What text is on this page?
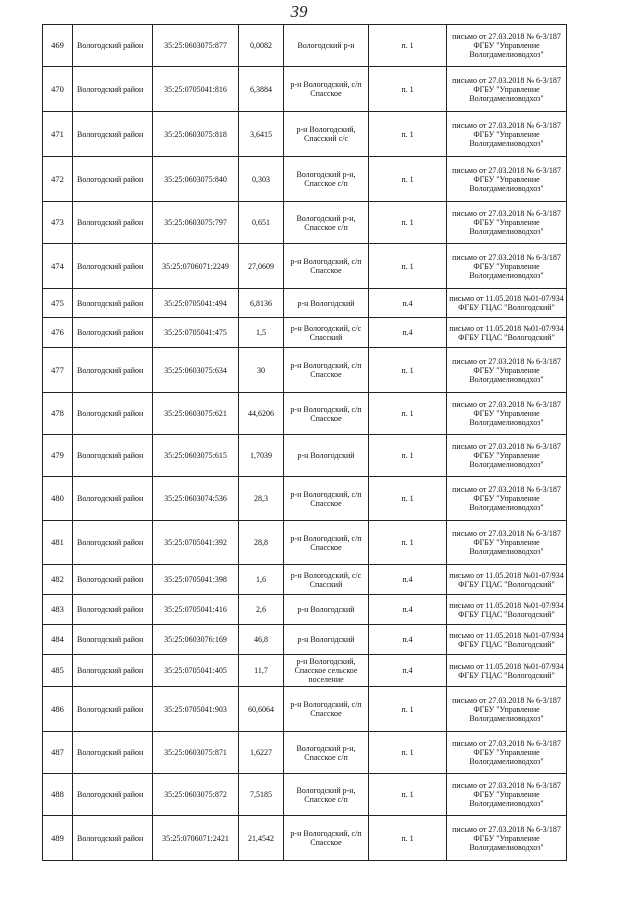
39
469	Вологодский район	35:25:0603075:877	0,0082	Вологодский р-н	п. 1	письмо от 27.03.2018 № 6-3/187 ФГБУ "Управление Вологдамелиоводхоз"
470	Вологодский район	35:25:0705041:816	6,3884	р-н Вологодский, с/п Спасское	п. 1	письмо от 27.03.2018 № 6-3/187 ФГБУ "Управление Вологдамелиоводхоз"
471	Вологодский район	35:25:0603075:818	3,6415	р-н Вологодский, Спасский с/с	п. 1	письмо от 27.03.2018 № 6-3/187 ФГБУ "Управление Вологдамелиоводхоз"
472	Вологодский район	35:25:0603075:840	0,303	Вологодский р-н, Спасское с/п	п. 1	письмо от 27.03.2018 № 6-3/187 ФГБУ "Управление Вологдамелиоводхоз"
473	Вологодский район	35:25:0603075:797	0,651	Вологодский р-н, Спасское с/п	п. 1	письмо от 27.03.2018 № 6-3/187 ФГБУ "Управление Вологдамелиоводхоз"
474	Вологодский район	35:25:0706071:2249	27,0609	р-н Вологодский, с/п Спасское	п. 1	письмо от 27.03.2018 № 6-3/187 ФГБУ "Управление Вологдамелиоводхоз"
475	Вологодский район	35:25:0705041:494	6,8136	р-н Вологодский	п.4	письмо от 11.05.2018 №01-07/934 ФГБУ ГЦАС "Вологодский"
476	Вологодский район	35:25:0705041:475	1,5	р-н Вологодский, с/с Спасский	п.4	письмо от 11.05.2018 №01-07/934 ФГБУ ГЦАС "Вологодский"
477	Вологодский район	35:25:0603075:634	30	р-н Вологодский, с/п Спасское	п. 1	письмо от 27.03.2018 № 6-3/187 ФГБУ "Управление Вологдамелиоводхоз"
478	Вологодский район	35:25:0603075:621	44,6206	р-н Вологодский, с/п Спасское	п. 1	письмо от 27.03.2018 № 6-3/187 ФГБУ "Управление Вологдамелиоводхоз"
479	Вологодский район	35:25:0603075:615	1,7039	р-н Вологодский	п. 1	письмо от 27.03.2018 № 6-3/187 ФГБУ "Управление Вологдамелиоводхоз"
480	Вологодский район	35:25:0603074:536	28,3	р-н Вологодский, с/п Спасское	п. 1	письмо от 27.03.2018 № 6-3/187 ФГБУ "Управление Вологдамелиоводхоз"
481	Вологодский район	35:25:0705041:392	28,8	р-н Вологодский, с/п Спасское	п. 1	письмо от 27.03.2018 № 6-3/187 ФГБУ "Управление Вологдамелиоводхоз"
482	Вологодский район	35:25:0705041:398	1,6	р-н Вологодский, с/с Спасский	п.4	письмо от 11.05.2018 №01-07/934 ФГБУ ГЦАС "Вологодский"
483	Вологодский район	35:25:0705041:416	2,6	р-н Вологодский	п.4	письмо от 11.05.2018 №01-07/934 ФГБУ ГЦАС "Вологодский"
484	Вологодский район	35:25:0603076:169	46,8	р-н Вологодский	п.4	письмо от 11.05.2018 №01-07/934 ФГБУ ГЦАС "Вологодский"
485	Вологодский район	35:25:0705041:405	11,7	р-н Вологодский, Спасское сельское поселение	п.4	письмо от 11.05.2018 №01-07/934 ФГБУ ГЦАС "Вологодский"
486	Вологодский район	35:25:0705041:903	60,6064	р-н Вологодский, с/п Спасское	п. 1	письмо от 27.03.2018 № 6-3/187 ФГБУ "Управление Вологдамелиоводхоз"
487	Вологодский район	35:25:0603075:871	1,6227	Вологодский р-н, Спасское с/п	п. 1	письмо от 27.03.2018 № 6-3/187 ФГБУ "Управление Вологдамелиоводхоз"
488	Вологодский район	35:25:0603075:872	7,5185	Вологодский р-н, Спасское с/п	п. 1	письмо от 27.03.2018 № 6-3/187 ФГБУ "Управление Вологдамелиоводхоз"
489	Вологодский район	35:25:0706071:2421	21,4542	р-н Вологодский, с/п Спасское	п. 1	письмо от 27.03.2018 № 6-3/187 ФГБУ "Управление Вологдамелиоводхоз"
